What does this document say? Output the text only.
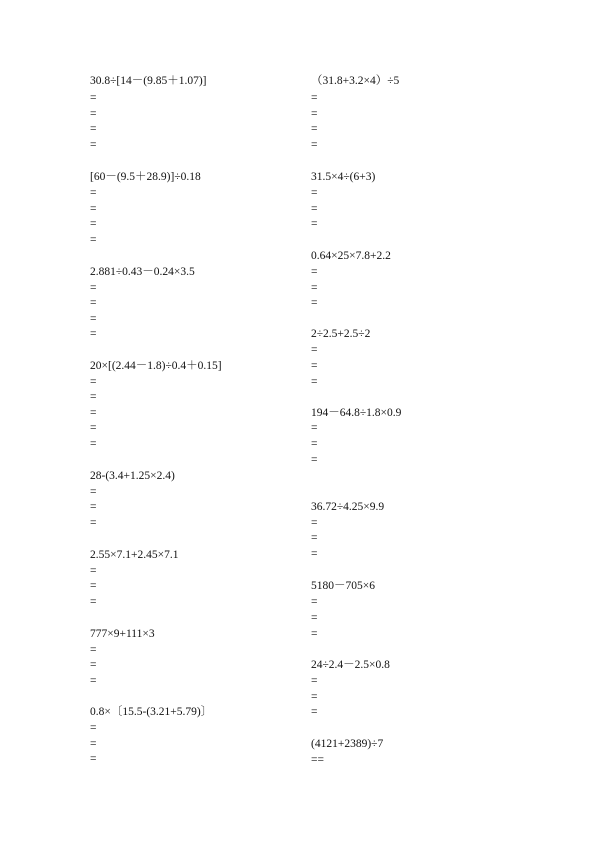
30.8÷[14－(9.85＋1.07)]
=
=
=
=
[60－(9.5＋28.9)]÷0.18
=
=
=
=
2.881÷0.43－0.24×3.5
=
=
=
=
20×[(2.44－1.8)÷0.4＋0.15]
=
=
=
=
=
28-(3.4+1.25×2.4)
=
=
=
2.55×7.1+2.45×7.1
=
=
=
777×9+111×3
=
=
=
0.8×〔15.5-(3.21+5.79)〕
=
=
=
（31.8+3.2×4）÷5
=
=
=
=
31.5×4÷(6+3)
=
=
=
0.64×25×7.8+2.2
=
=
=
2÷2.5+2.5÷2
=
=
=
194－64.8÷1.8×0.9
=
=
=
36.72÷4.25×9.9
=
=
=
5180－705×6
=
=
=
24÷2.4－2.5×0.8
=
=
=
(4121+2389)÷7
==
